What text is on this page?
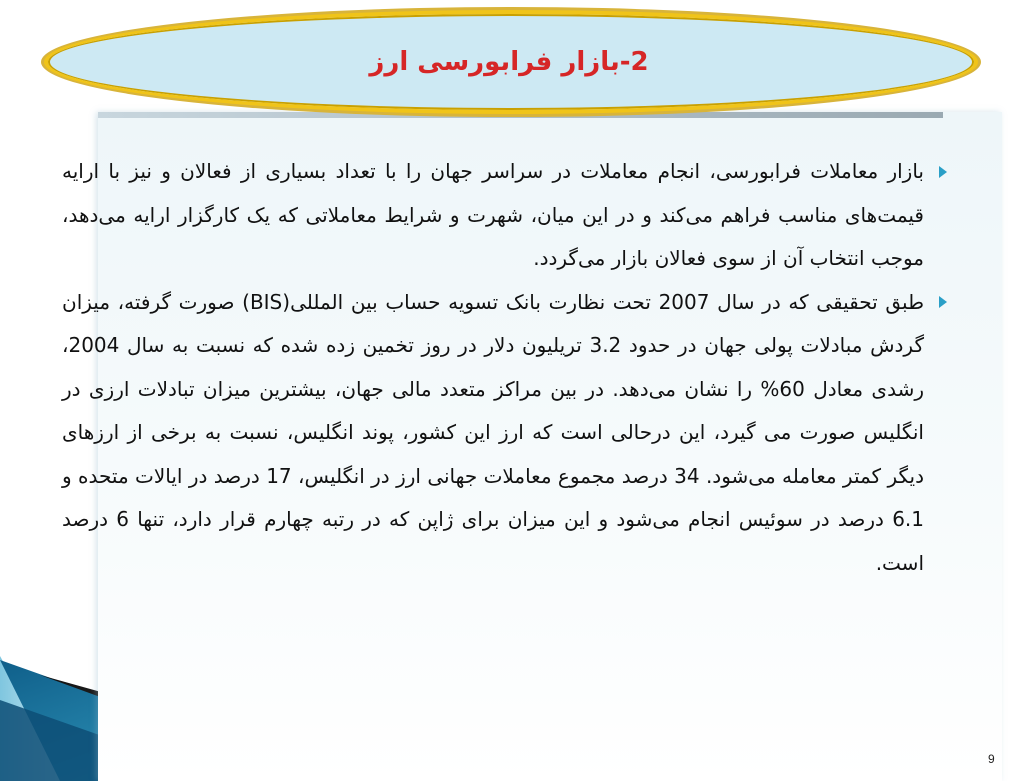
2-بازار فرابورسی ارز

بازار معاملات فرابورسی، انجام معاملات در سراسر جهان را با تعداد بسیاری از فعالان و نیز با ارایه قیمت‌های مناسب فراهم می‌کند و در این میان، شهرت و شرایط معاملاتی که یک کارگزار ارایه می‌دهد، موجب انتخاب آن از سوی فعالان بازار می‌گردد.

طبق تحقیقی که در سال 2007 تحت نظارت بانک تسویه حساب بین المللی(BIS) صورت گرفته، میزان گردش مبادلات پولی جهان در حدود 3.2 تریلیون دلار در روز تخمین زده شده که نسبت به سال 2004، رشدی معادل 60% را نشان می‌دهد. در بین مراکز متعدد مالی جهان، بیشترین میزان تبادلات ارزی در انگلیس صورت می گیرد، این درحالی است که ارز این کشور، پوند انگلیس، نسبت به برخی از ارزهای دیگر کمتر معامله می‌شود. 34 درصد مجموع معاملات جهانی ارز در انگلیس، 17 درصد در ایالات متحده و 6.1 درصد در سوئیس انجام می‌شود و این میزان برای ژاپن که در رتبه چهارم قرار دارد، تنها 6 درصد است.

9
